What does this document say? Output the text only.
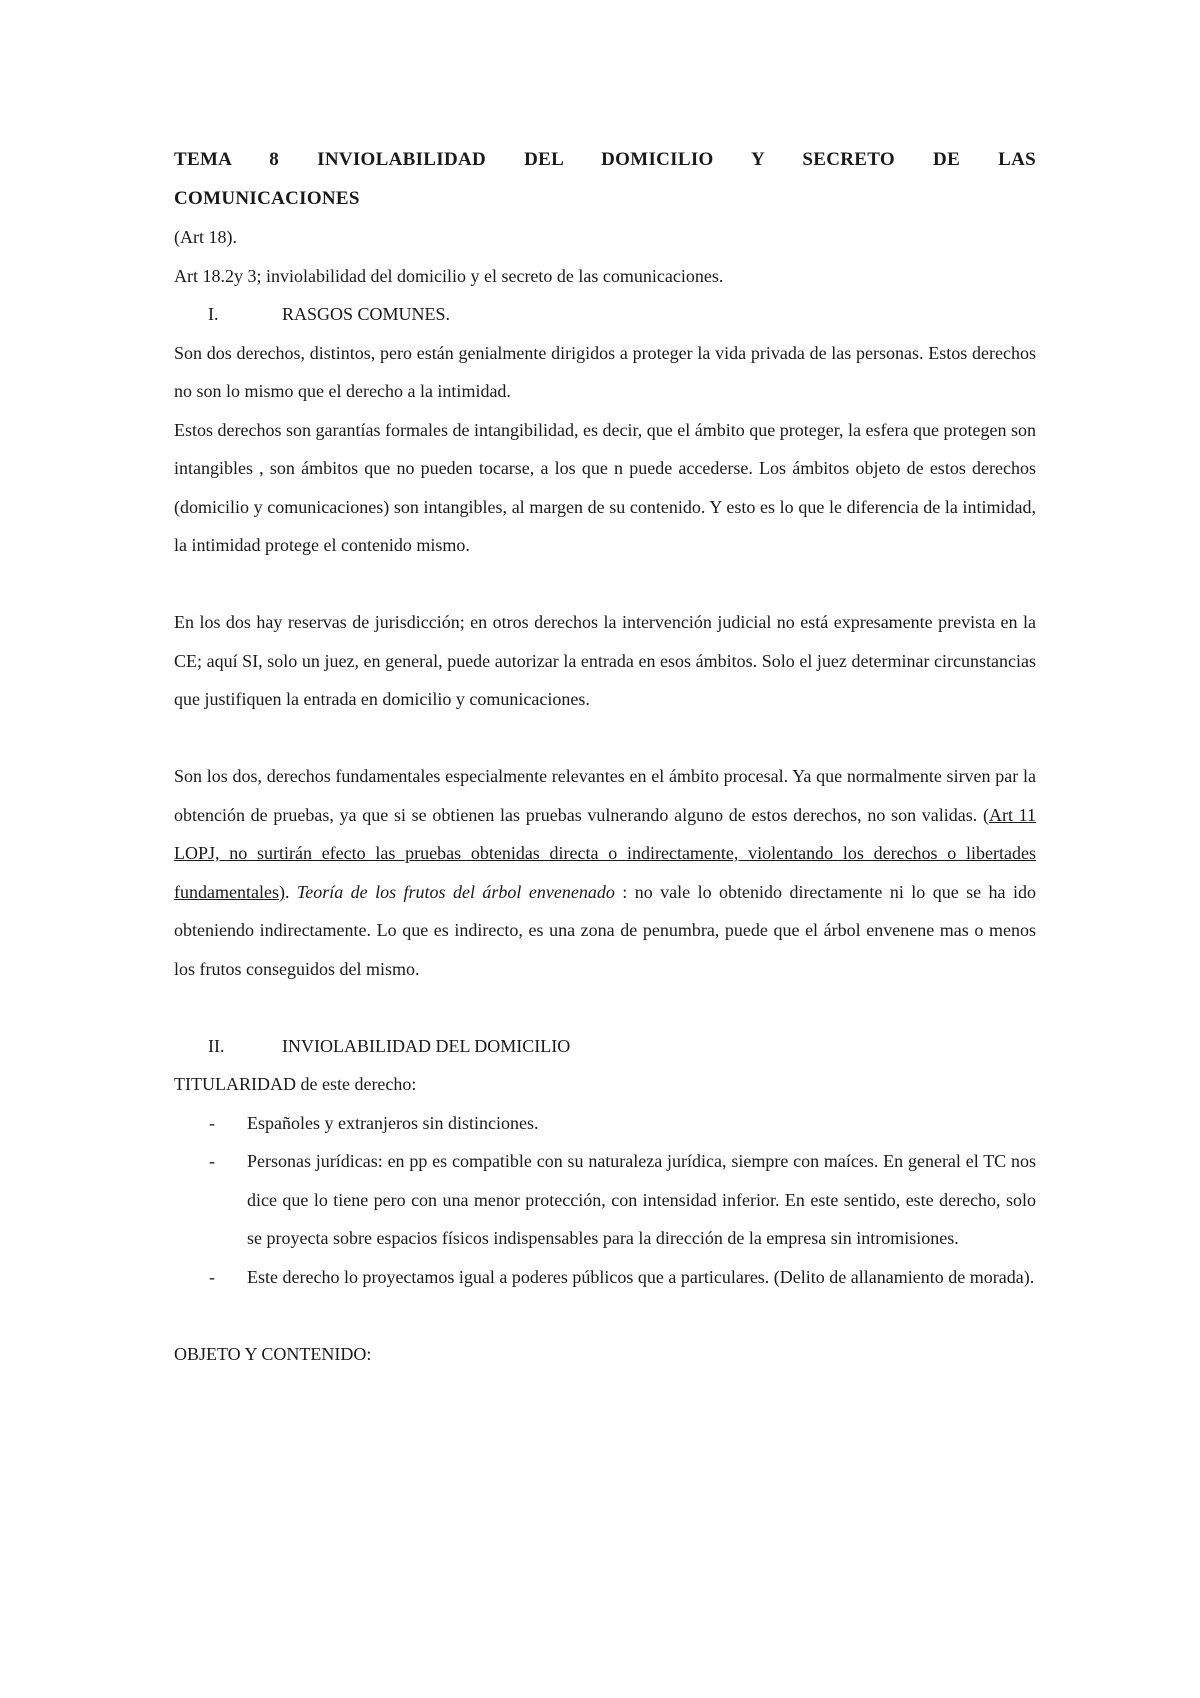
TEMA 8 INVIOLABILIDAD DEL DOMICILIO Y SECRETO DE LAS
COMUNICACIONES

(Art 18).

Art 18.2y 3; inviolabilidad del domicilio y el secreto de las comunicaciones.

I.	RASGOS COMUNES.

Son dos derechos, distintos, pero están genialmente dirigidos a proteger la vida privada de las personas. Estos derechos no son lo mismo que el derecho a la intimidad.

Estos derechos son garantías formales de intangibilidad, es decir, que el ámbito que proteger, la esfera que protegen son intangibles , son ámbitos que no pueden tocarse, a los que n puede accederse. Los ámbitos objeto de estos derechos (domicilio y comunicaciones) son intangibles, al margen de su contenido. Y esto es lo que le diferencia de la intimidad, la intimidad protege el contenido mismo.

En los dos hay reservas de jurisdicción; en otros derechos la intervención judicial no está expresamente prevista en la CE; aquí SI, solo un juez, en general, puede autorizar la entrada en esos ámbitos. Solo el juez determinar circunstancias que justifiquen la entrada en domicilio y comunicaciones.

Son los dos, derechos fundamentales especialmente relevantes en el ámbito procesal. Ya que normalmente sirven par la obtención de pruebas, ya que si se obtienen las pruebas vulnerando alguno de estos derechos, no son validas. (Art 11 LOPJ, no surtirán efecto las pruebas obtenidas directa o indirectamente, violentando los derechos o libertades fundamentales). Teoría de los frutos del árbol envenenado : no vale lo obtenido directamente ni lo que se ha ido obteniendo indirectamente. Lo que es indirecto, es una zona de penumbra, puede que el árbol envenene mas o menos los frutos conseguidos del mismo.

II.	INVIOLABILIDAD DEL DOMICILIO

TITULARIDAD de este derecho:

-	Españoles y extranjeros sin distinciones.
-	Personas jurídicas: en pp es compatible con su naturaleza jurídica, siempre con maíces. En general el TC nos dice que lo tiene pero con una menor protección, con intensidad inferior. En este sentido, este derecho, solo se proyecta sobre espacios físicos indispensables para la dirección de la empresa sin intromisiones.
-	Este derecho lo proyectamos igual a poderes públicos que a particulares. (Delito de allanamiento de morada).

OBJETO Y CONTENIDO:
